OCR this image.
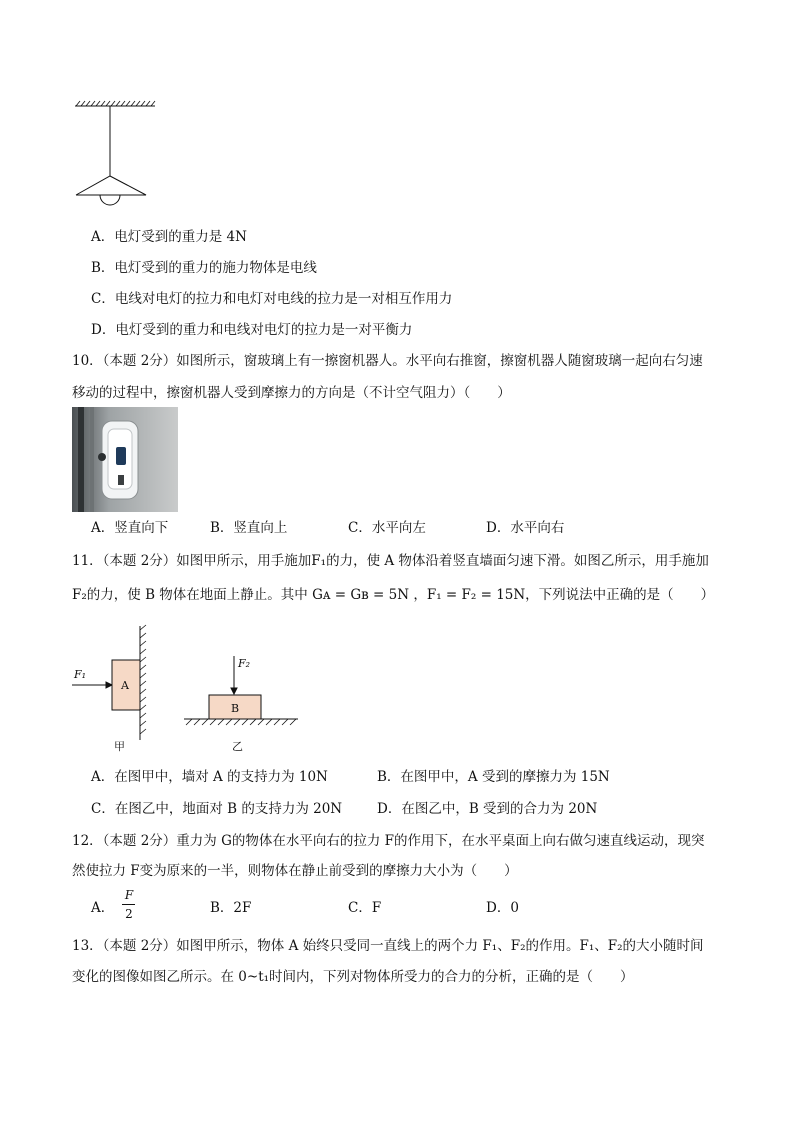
A．电灯受到的重力是 4N
B．电灯受到的重力的施力物体是电线
C．电线对电灯的拉力和电灯对电线的拉力是一对相互作用力
D．电灯受到的重力和电线对电灯的拉力是一对平衡力
10．（本题 2分）如图所示，窗玻璃上有一擦窗机器人。水平向右推窗，擦窗机器人随窗玻璃一起向右匀速
移动的过程中，擦窗机器人受到摩擦力的方向是（不计空气阻力）（　　）
A．竖直向下	B．竖直向上	C．水平向左	D．水平向右
11．（本题 2分）如图甲所示，用手施加F₁的力，使 A 物体沿着竖直墙面匀速下滑。如图乙所示，用手施加
F₂的力，使 B 物体在地面上静止。其中 Gᴀ = Gʙ = 5N ，F₁ = F₂ = 15N，下列说法中正确的是（　　）
F₁
F₂
A
B
甲	乙
A．在图甲中，墙对 A 的支持力为 10N	B．在图甲中，A 受到的摩擦力为 15N
C．在图乙中，地面对 B 的支持力为 20N	D．在图乙中，B 受到的合力为 20N
12．（本题 2分）重力为 G的物体在水平向右的拉力 F的作用下，在水平桌面上向右做匀速直线运动，现突
然使拉力 F变为原来的一半，则物体在静止前受到的摩擦力大小为（　　）
A．
F
2	B．2F	C．F	D．0
13．（本题 2分）如图甲所示，物体 A 始终只受同一直线上的两个力 F₁、F₂的作用。F₁、F₂的大小随时间
变化的图像如图乙所示。在 0~t₁时间内，下列对物体所受力的合力的分析，正确的是（　　）
